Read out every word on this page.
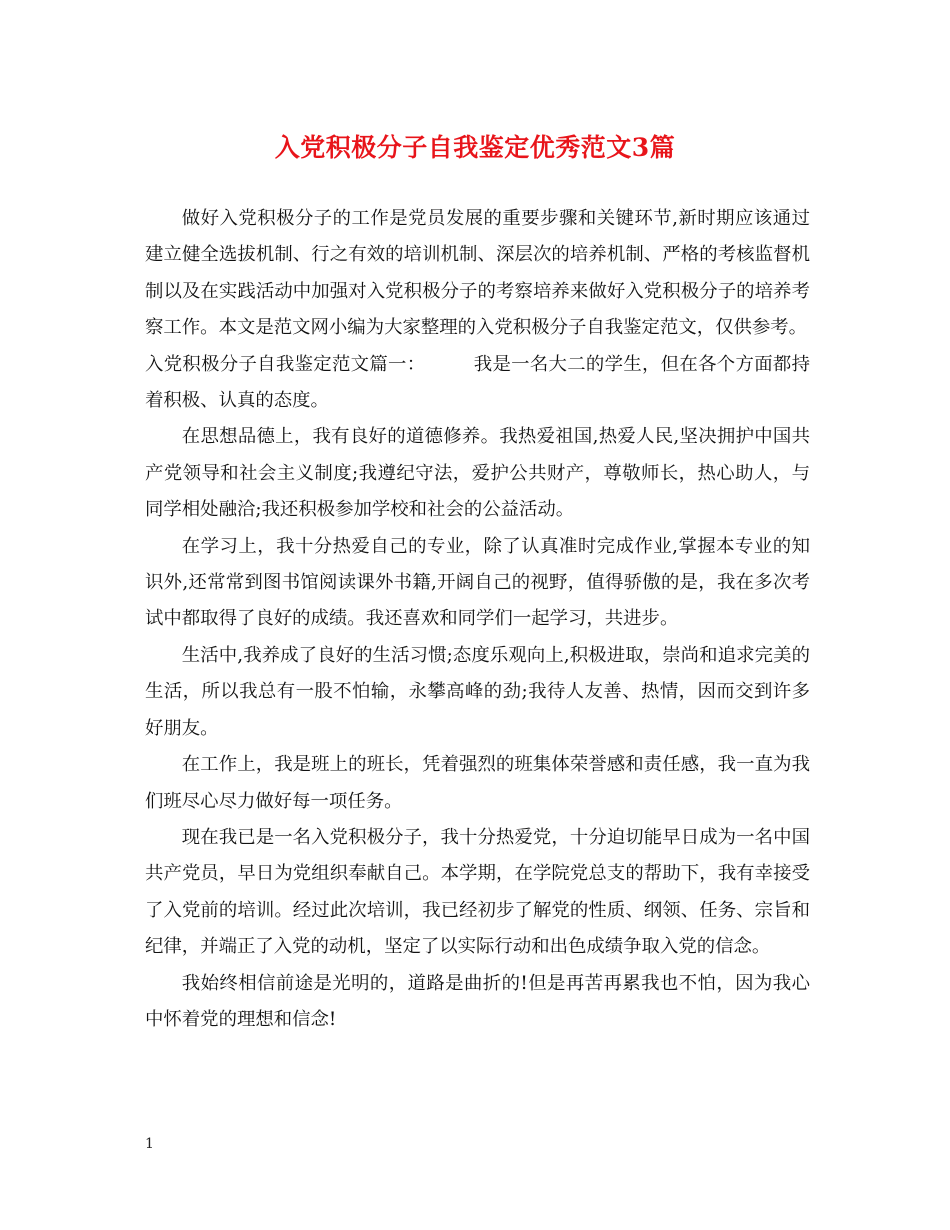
入党积极分子自我鉴定优秀范文3篇

做好入党积极分子的工作是党员发展的重要步骤和关键环节,新时期应该通过建立健全选拔机制、行之有效的培训机制、深层次的培养机制、严格的考核监督机制以及在实践活动中加强对入党积极分子的考察培养来做好入党积极分子的培养考察工作。本文是范文网小编为大家整理的入党积极分子自我鉴定范文，仅供参考。

入党积极分子自我鉴定范文篇一：	我是一名大二的学生，但在各个方面都持着积极、认真的态度。

在思想品德上，我有良好的道德修养。我热爱祖国,热爱人民,坚决拥护中国共产党领导和社会主义制度;我遵纪守法，爱护公共财产，尊敬师长，热心助人，与同学相处融洽;我还积极参加学校和社会的公益活动。

在学习上，我十分热爱自己的专业，除了认真准时完成作业,掌握本专业的知识外,还常常到图书馆阅读课外书籍,开阔自己的视野，值得骄傲的是，我在多次考试中都取得了良好的成绩。我还喜欢和同学们一起学习，共进步。

生活中,我养成了良好的生活习惯;态度乐观向上,积极进取，崇尚和追求完美的生活，所以我总有一股不怕输，永攀高峰的劲;我待人友善、热情，因而交到许多好朋友。

在工作上，我是班上的班长，凭着强烈的班集体荣誉感和责任感，我一直为我们班尽心尽力做好每一项任务。

现在我已是一名入党积极分子，我十分热爱党，十分迫切能早日成为一名中国共产党员，早日为党组织奉献自己。本学期，在学院党总支的帮助下，我有幸接受了入党前的培训。经过此次培训，我已经初步了解党的性质、纲领、任务、宗旨和纪律，并端正了入党的动机，坚定了以实际行动和出色成绩争取入党的信念。

我始终相信前途是光明的，道路是曲折的!但是再苦再累我也不怕，因为我心中怀着党的理想和信念!

1
